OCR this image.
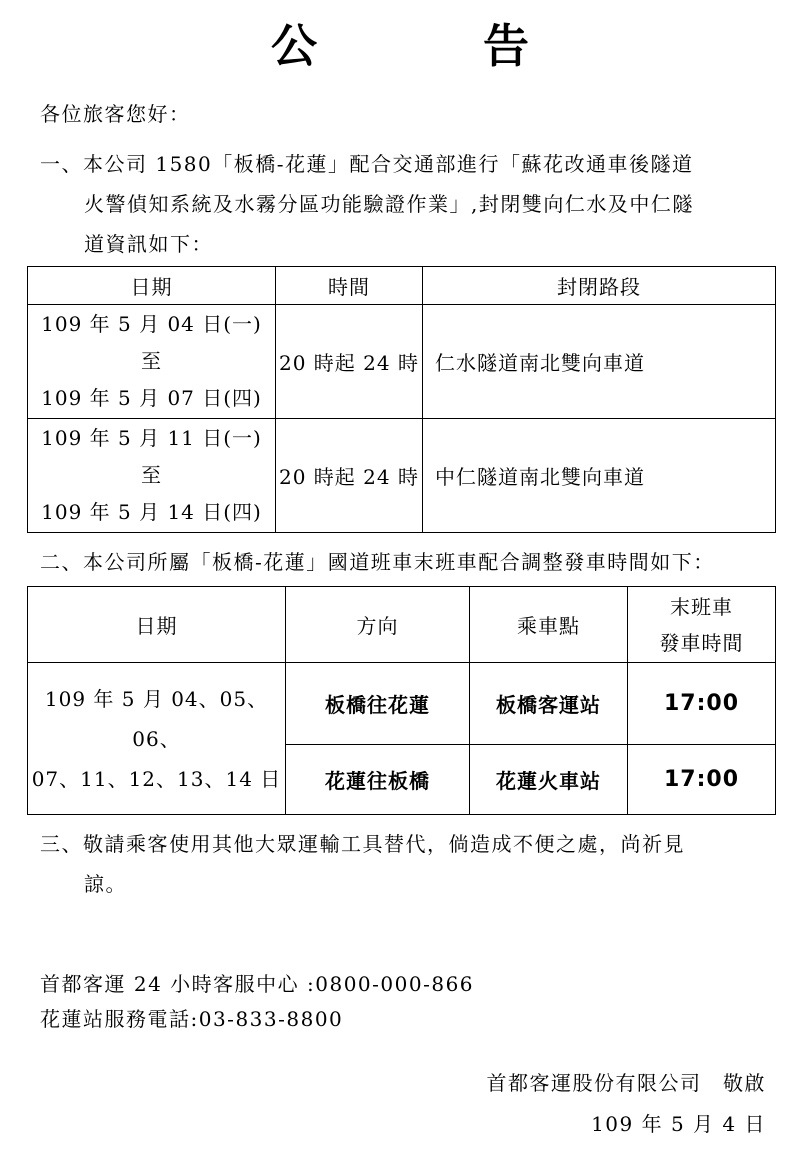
公　告
各位旅客您好：
一、本公司 1580「板橋-花蓮」配合交通部進行「蘇花改通車後隧道
火警偵知系統及水霧分區功能驗證作業」,封閉雙向仁水及中仁隧
道資訊如下：
日期	時間	封閉路段

109 年 5 月 04 日(一)
至
109 年 5 月 07 日(四)	20 時起 24 時	仁水隧道南北雙向車道

109 年 5 月 11 日(一)
至
109 年 5 月 14 日(四)	20 時起 24 時	中仁隧道南北雙向車道
二、本公司所屬「板橋-花蓮」國道班車末班車配合調整發車時間如下：
日期	方向	乘車點	末班車
發車時間

109 年 5 月 04、05、06、
07、11、12、13、14 日	板橋往花蓮	板橋客運站	17:00
	花蓮往板橋	花蓮火車站	17:00
三、敬請乘客使用其他大眾運輸工具替代，倘造成不便之處，尚祈見
諒。
首都客運 24 小時客服中心 :0800-000-866
花蓮站服務電話:03-833-8800
首都客運股份有限公司　敬啟
109 年 5 月 4 日
